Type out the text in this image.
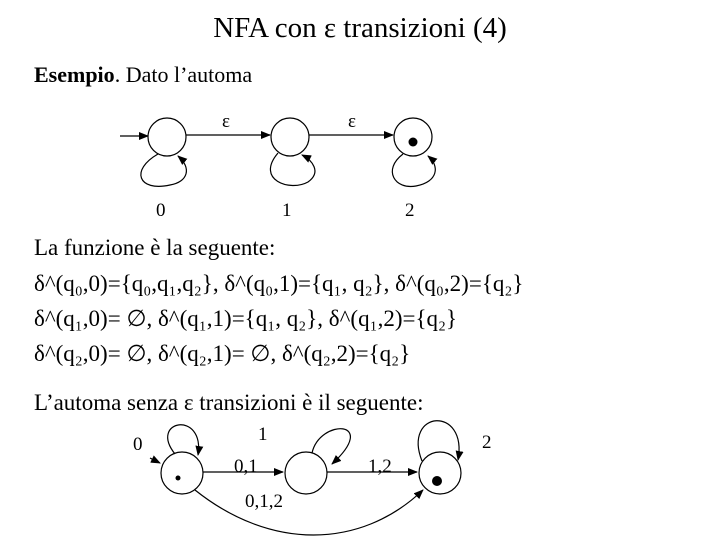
NFA con ε transizioni (4)
Esempio. Dato l’automa
ε	ε
0	1	2
0	1	2
0,1	1,2
0,1,2
La funzione è la seguente:
δ^(q₀,0)={q₀,q₁,q₂}, δ^(q₀,1)={q₁, q₂}, δ^(q₀,2)={q₂}
δ^(q₁,0)= ∅, δ^(q₁,1)={q₁, q₂}, δ^(q₁,2)={q₂}
δ^(q₂,0)= ∅, δ^(q₂,1)= ∅, δ^(q₂,2)={q₂}
L’automa senza ε transizioni è il seguente:
